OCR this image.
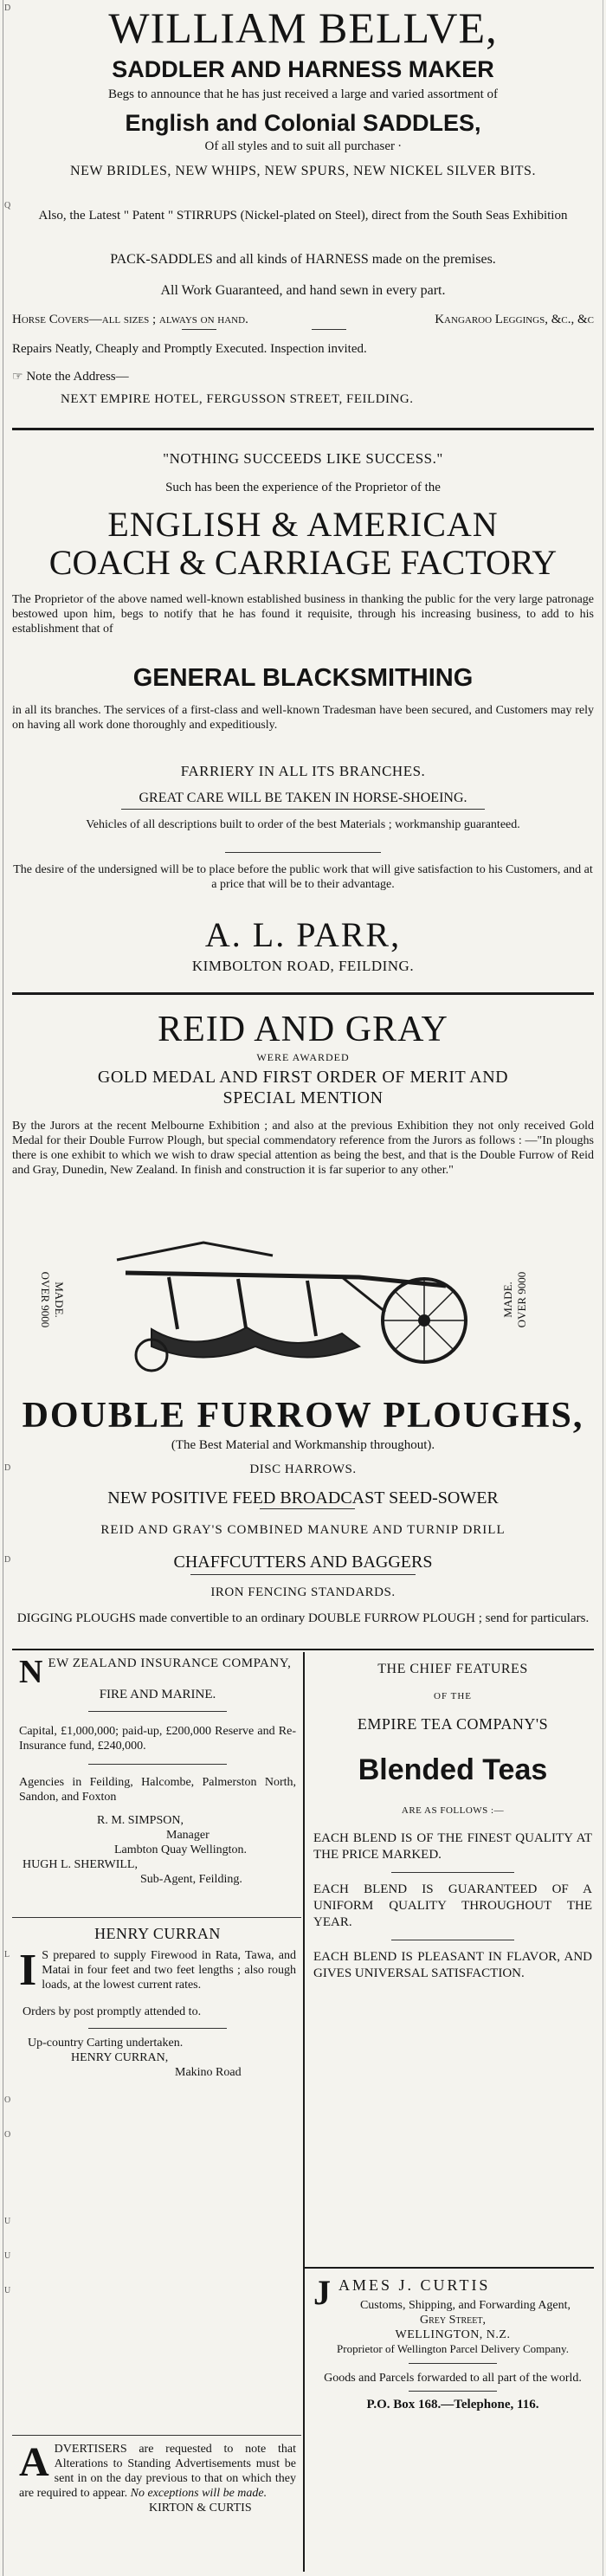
D
Q
D
D
L
O
O
U
U
U
WILLIAM BELLVE,
SADDLER AND HARNESS MAKER
Begs to announce that he has just received a large and varied assortment of
English and Colonial SADDLES,
Of all styles and to suit all purchaser ∙
NEW BRIDLES, NEW WHIPS, NEW SPURS, NEW NICKEL SILVER BITS.
Also, the Latest " Patent " STIRRUPS (Nickel-plated on Steel), direct from the South Seas Exhibition
PACK-SADDLES and all kinds of HARNESS made on the premises.
All Work Guaranteed, and hand sewn in every part.
Horse Covers—all sizes ; always on hand.	Kangaroo Leggings, &c., &c
Repairs Neatly, Cheaply and Promptly Executed. Inspection invited.
☞ Note the Address—
NEXT EMPIRE HOTEL, FERGUSSON STREET, FEILDING.
"NOTHING SUCCEEDS LIKE SUCCESS."
Such has been the experience of the Proprietor of the
ENGLISH & AMERICAN
COACH & CARRIAGE FACTORY
The Proprietor of the above named well-known established business in thanking the public for the very large patronage bestowed upon him, begs to notify that he has found it requisite, through his increasing business, to add to his establishment that of
GENERAL BLACKSMITHING
in all its branches. The services of a first-class and well-known Tradesman have been secured, and Customers may rely on having all work done thoroughly and expeditiously.
FARRIERY IN ALL ITS BRANCHES.
GREAT CARE WILL BE TAKEN IN HORSE-SHOEING.
Vehicles of all descriptions built to order of the best Materials ; workmanship guaranteed.
The desire of the undersigned will be to place before the public work that will give satisfaction to his Customers, and at a price that will be to their advantage.
A. L. PARR,
KIMBOLTON ROAD, FEILDING.
REID AND GRAY
WERE AWARDED
GOLD MEDAL AND FIRST ORDER OF MERIT AND
SPECIAL MENTION
By the Jurors at the recent Melbourne Exhibition ; and also at the previous Exhibition they not only received Gold Medal for their Double Furrow Plough, but special commendatory reference from the Jurors as follows : —"In ploughs there is one exhibit to which we wish to draw special attention as being the best, and that is the Double Furrow of Reid and Gray, Dunedin, New Zealand. In finish and construction it is far superior to any other."
MADE.
OVER 9000	MADE. OVER 9000
DOUBLE FURROW PLOUGHS,
(The Best Material and Workmanship throughout).
DISC HARROWS.
NEW POSITIVE FEED BROADCAST SEED-SOWER
REID AND GRAY'S COMBINED MANURE AND TURNIP DRILL
CHAFFCUTTERS AND BAGGERS
IRON FENCING STANDARDS.
DIGGING PLOUGHS made convertible to an ordinary DOUBLE FURROW PLOUGH ; send for particulars.
N EW ZEALAND INSURANCE COMPANY,
FIRE AND MARINE.
Capital, £1,000,000; paid-up, £200,000 Reserve and Re-Insurance fund, £240,000.
Agencies in Feilding, Halcombe, Palmerston North, Sandon, and Foxton
R. M. SIMPSON,
Manager
Lambton Quay Wellington.
HUGH L. SHERWILL,
Sub-Agent, Feilding.
HENRY CURRAN
I S prepared to supply Firewood in Rata, Tawa, and Matai in four feet and two feet lengths ; also rough loads, at the lowest current rates.
Orders by post promptly attended to.
Up-country Carting undertaken.
HENRY CURRAN,
Makino Road
A DVERTISERS are requested to note that Alterations to Standing Advertisements must be sent in on the day previous to that on which they are required to appear. No exceptions will be made.
KIRTON & CURTIS
THE CHIEF FEATURES
OF THE
EMPIRE TEA COMPANY'S
Blended Teas
ARE AS FOLLOWS :—
EACH BLEND IS OF THE FINEST QUALITY AT THE PRICE MARKED.
EACH BLEND IS GUARANTEED OF A UNIFORM QUALITY THROUGHOUT THE YEAR.
EACH BLEND IS PLEASANT IN FLAVOR, AND GIVES UNIVERSAL SATISFACTION.
J AMES J. CURTIS
Customs, Shipping, and Forwarding Agent,
Grey Street,
WELLINGTON, N.Z.
Proprietor of Wellington Parcel Delivery Company.
Goods and Parcels forwarded to all part of the world.
P.O. Box 168.—Telephone, 116.
